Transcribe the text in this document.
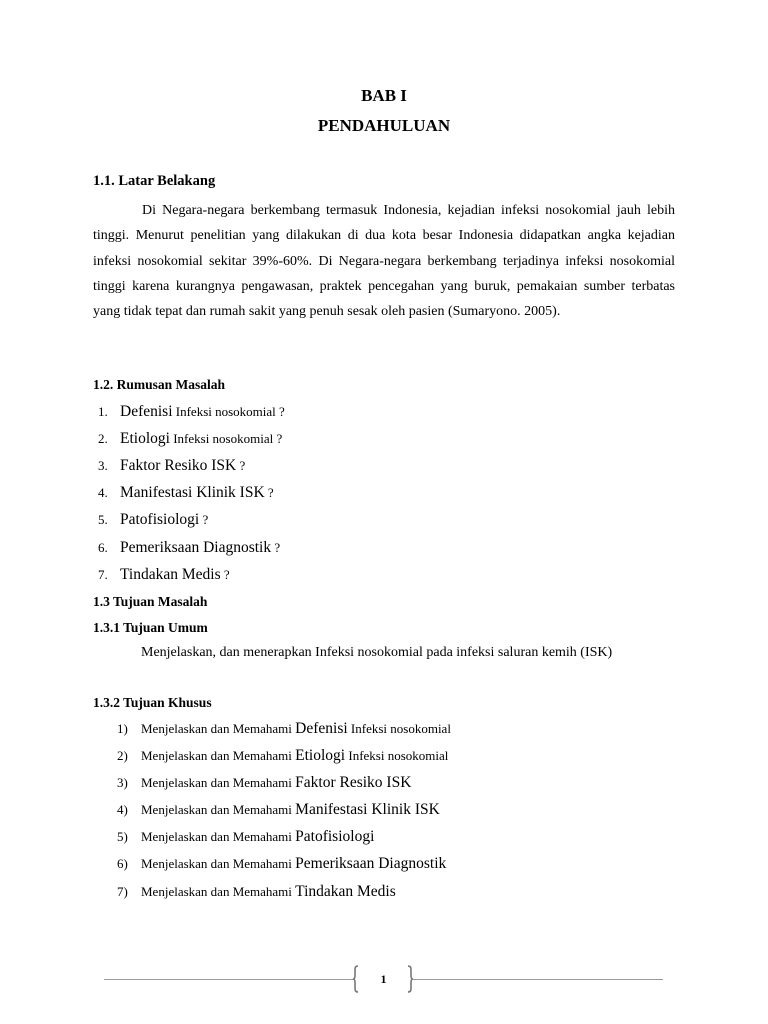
BAB I
PENDAHULUAN
1.1. Latar Belakang
Di Negara-negara berkembang termasuk Indonesia, kejadian infeksi nosokomial jauh lebih tinggi. Menurut penelitian yang dilakukan di dua kota besar Indonesia didapatkan angka kejadian infeksi nosokomial sekitar 39%-60%. Di Negara-negara berkembang terjadinya infeksi nosokomial tinggi karena kurangnya pengawasan, praktek pencegahan yang buruk, pemakaian sumber terbatas yang tidak tepat dan rumah sakit yang penuh sesak oleh pasien (Sumaryono. 2005).
1.2. Rumusan Masalah
1. Defenisi Infeksi nosokomial ?
2. Etiologi Infeksi nosokomial ?
3. Faktor Resiko ISK ?
4. Manifestasi Klinik ISK ?
5. Patofisiologi ?
6. Pemeriksaan Diagnostik ?
7. Tindakan Medis ?
1.3 Tujuan Masalah
1.3.1 Tujuan Umum
Menjelaskan, dan menerapkan Infeksi nosokomial pada infeksi saluran kemih (ISK)
1.3.2 Tujuan Khusus
1) Menjelaskan dan Memahami Defenisi Infeksi nosokomial
2) Menjelaskan dan Memahami Etiologi Infeksi nosokomial
3) Menjelaskan dan Memahami Faktor Resiko ISK
4) Menjelaskan dan Memahami Manifestasi Klinik ISK
5) Menjelaskan dan Memahami Patofisiologi
6) Menjelaskan dan Memahami Pemeriksaan Diagnostik
7) Menjelaskan dan Memahami Tindakan Medis
1
